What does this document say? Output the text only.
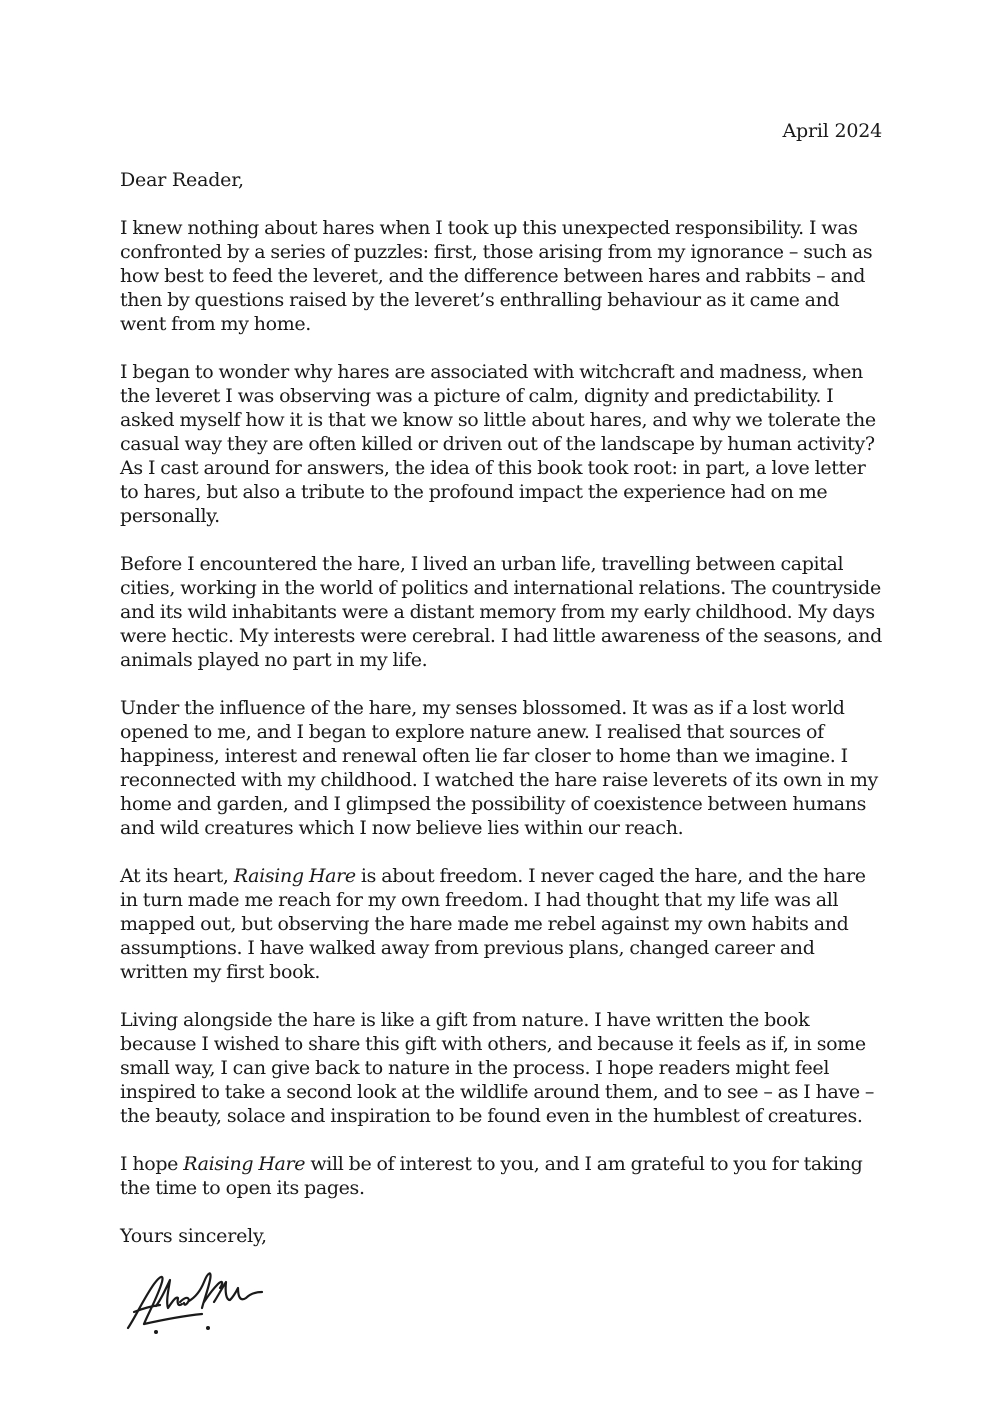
April 2024
Dear Reader,

I knew nothing about hares when I took up this unexpected responsibility. I was confronted by a series of puzzles: first, those arising from my ignorance – such as how best to feed the leveret, and the difference between hares and rabbits – and then by questions raised by the leveret’s enthralling behaviour as it came and went from my home.

I began to wonder why hares are associated with witchcraft and madness, when the leveret I was observing was a picture of calm, dignity and predictability. I asked myself how it is that we know so little about hares, and why we tolerate the casual way they are often killed or driven out of the landscape by human activity? As I cast around for answers, the idea of this book took root: in part, a love letter to hares, but also a tribute to the profound impact the experience had on me personally.

Before I encountered the hare, I lived an urban life, travelling between capital cities, working in the world of politics and international relations. The countryside and its wild inhabitants were a distant memory from my early childhood. My days were hectic. My interests were cerebral. I had little awareness of the seasons, and animals played no part in my life.

Under the influence of the hare, my senses blossomed. It was as if a lost world opened to me, and I began to explore nature anew. I realised that sources of happiness, interest and renewal often lie far closer to home than we imagine. I reconnected with my childhood. I watched the hare raise leverets of its own in my home and garden, and I glimpsed the possibility of coexistence between humans and wild creatures which I now believe lies within our reach.

At its heart, Raising Hare is about freedom. I never caged the hare, and the hare in turn made me reach for my own freedom. I had thought that my life was all mapped out, but observing the hare made me rebel against my own habits and assumptions. I have walked away from previous plans, changed career and written my first book.

Living alongside the hare is like a gift from nature. I have written the book because I wished to share this gift with others, and because it feels as if, in some small way, I can give back to nature in the process. I hope readers might feel inspired to take a second look at the wildlife around them, and to see – as I have – the beauty, solace and inspiration to be found even in the humblest of creatures.

I hope Raising Hare will be of interest to you, and I am grateful to you for taking the time to open its pages.

Yours sincerely,
